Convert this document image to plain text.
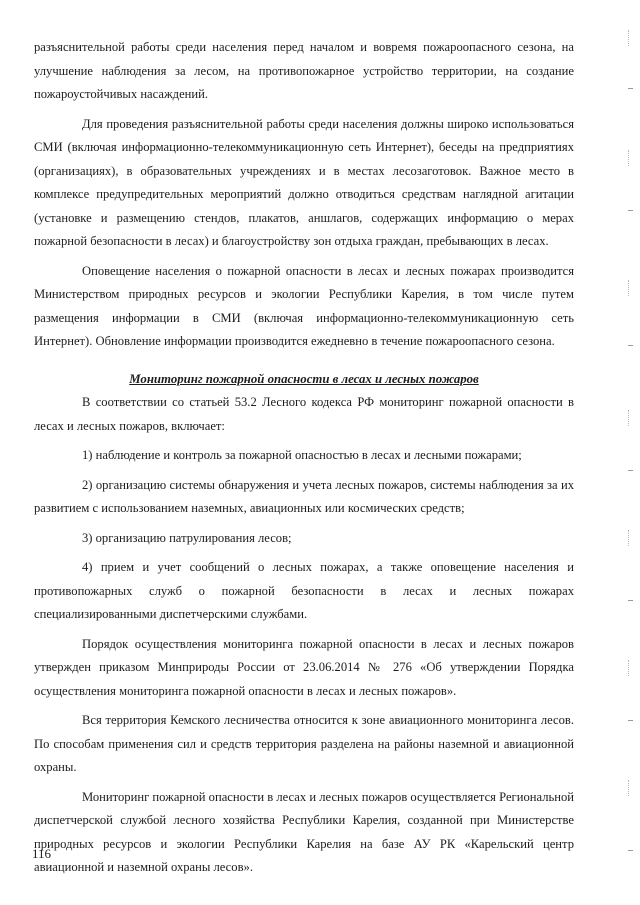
разъяснительной работы среди населения перед началом и вовремя пожароопасного сезона, на улучшение наблюдения за лесом, на противопожарное устройство территории, на создание пожароустойчивых насаждений.

Для проведения разъяснительной работы среди населения должны широко использоваться СМИ (включая информационно-телекоммуникационную сеть Интернет), беседы на предприятиях (организациях), в образовательных учреждениях и в местах лесозаготовок. Важное место в комплексе предупредительных мероприятий должно отводиться средствам наглядной агитации (установке и размещению стендов, плакатов, аншлагов, содержащих информацию о мерах пожарной безопасности в лесах) и благоустройству зон отдыха граждан, пребывающих в лесах.

Оповещение населения о пожарной опасности в лесах и лесных пожарах производится Министерством природных ресурсов и экологии Республики Карелия, в том числе путем размещения информации в СМИ (включая информационно-телекоммуникационную сеть Интернет). Обновление информации производится ежедневно в течение пожароопасного сезона.

Мониторинг пожарной опасности в лесах и лесных пожаров

В соответствии со статьей 53.2 Лесного кодекса РФ мониторинг пожарной опасности в лесах и лесных пожаров, включает:

1) наблюдение и контроль за пожарной опасностью в лесах и лесными пожарами;

2) организацию системы обнаружения и учета лесных пожаров, системы наблюдения за их развитием с использованием наземных, авиационных или космических средств;

3) организацию патрулирования лесов;

4) прием и учет сообщений о лесных пожарах, а также оповещение населения и противопожарных служб о пожарной безопасности в лесах и лесных пожарах специализированными диспетчерскими службами.

Порядок осуществления мониторинга пожарной опасности в лесах и лесных пожаров утвержден приказом Минприроды России от 23.06.2014 № 276 «Об утверждении Порядка осуществления мониторинга пожарной опасности в лесах и лесных пожаров».

Вся территория Кемского лесничества относится к зоне авиационного мониторинга лесов. По способам применения сил и средств территория разделена на районы наземной и авиационной охраны.

Мониторинг пожарной опасности в лесах и лесных пожаров осуществляется Региональной диспетчерской службой лесного хозяйства Республики Карелия, созданной при Министерстве природных ресурсов и экологии Республики Карелия на базе АУ РК «Карельский центр авиационной и наземной охраны лесов».

116
